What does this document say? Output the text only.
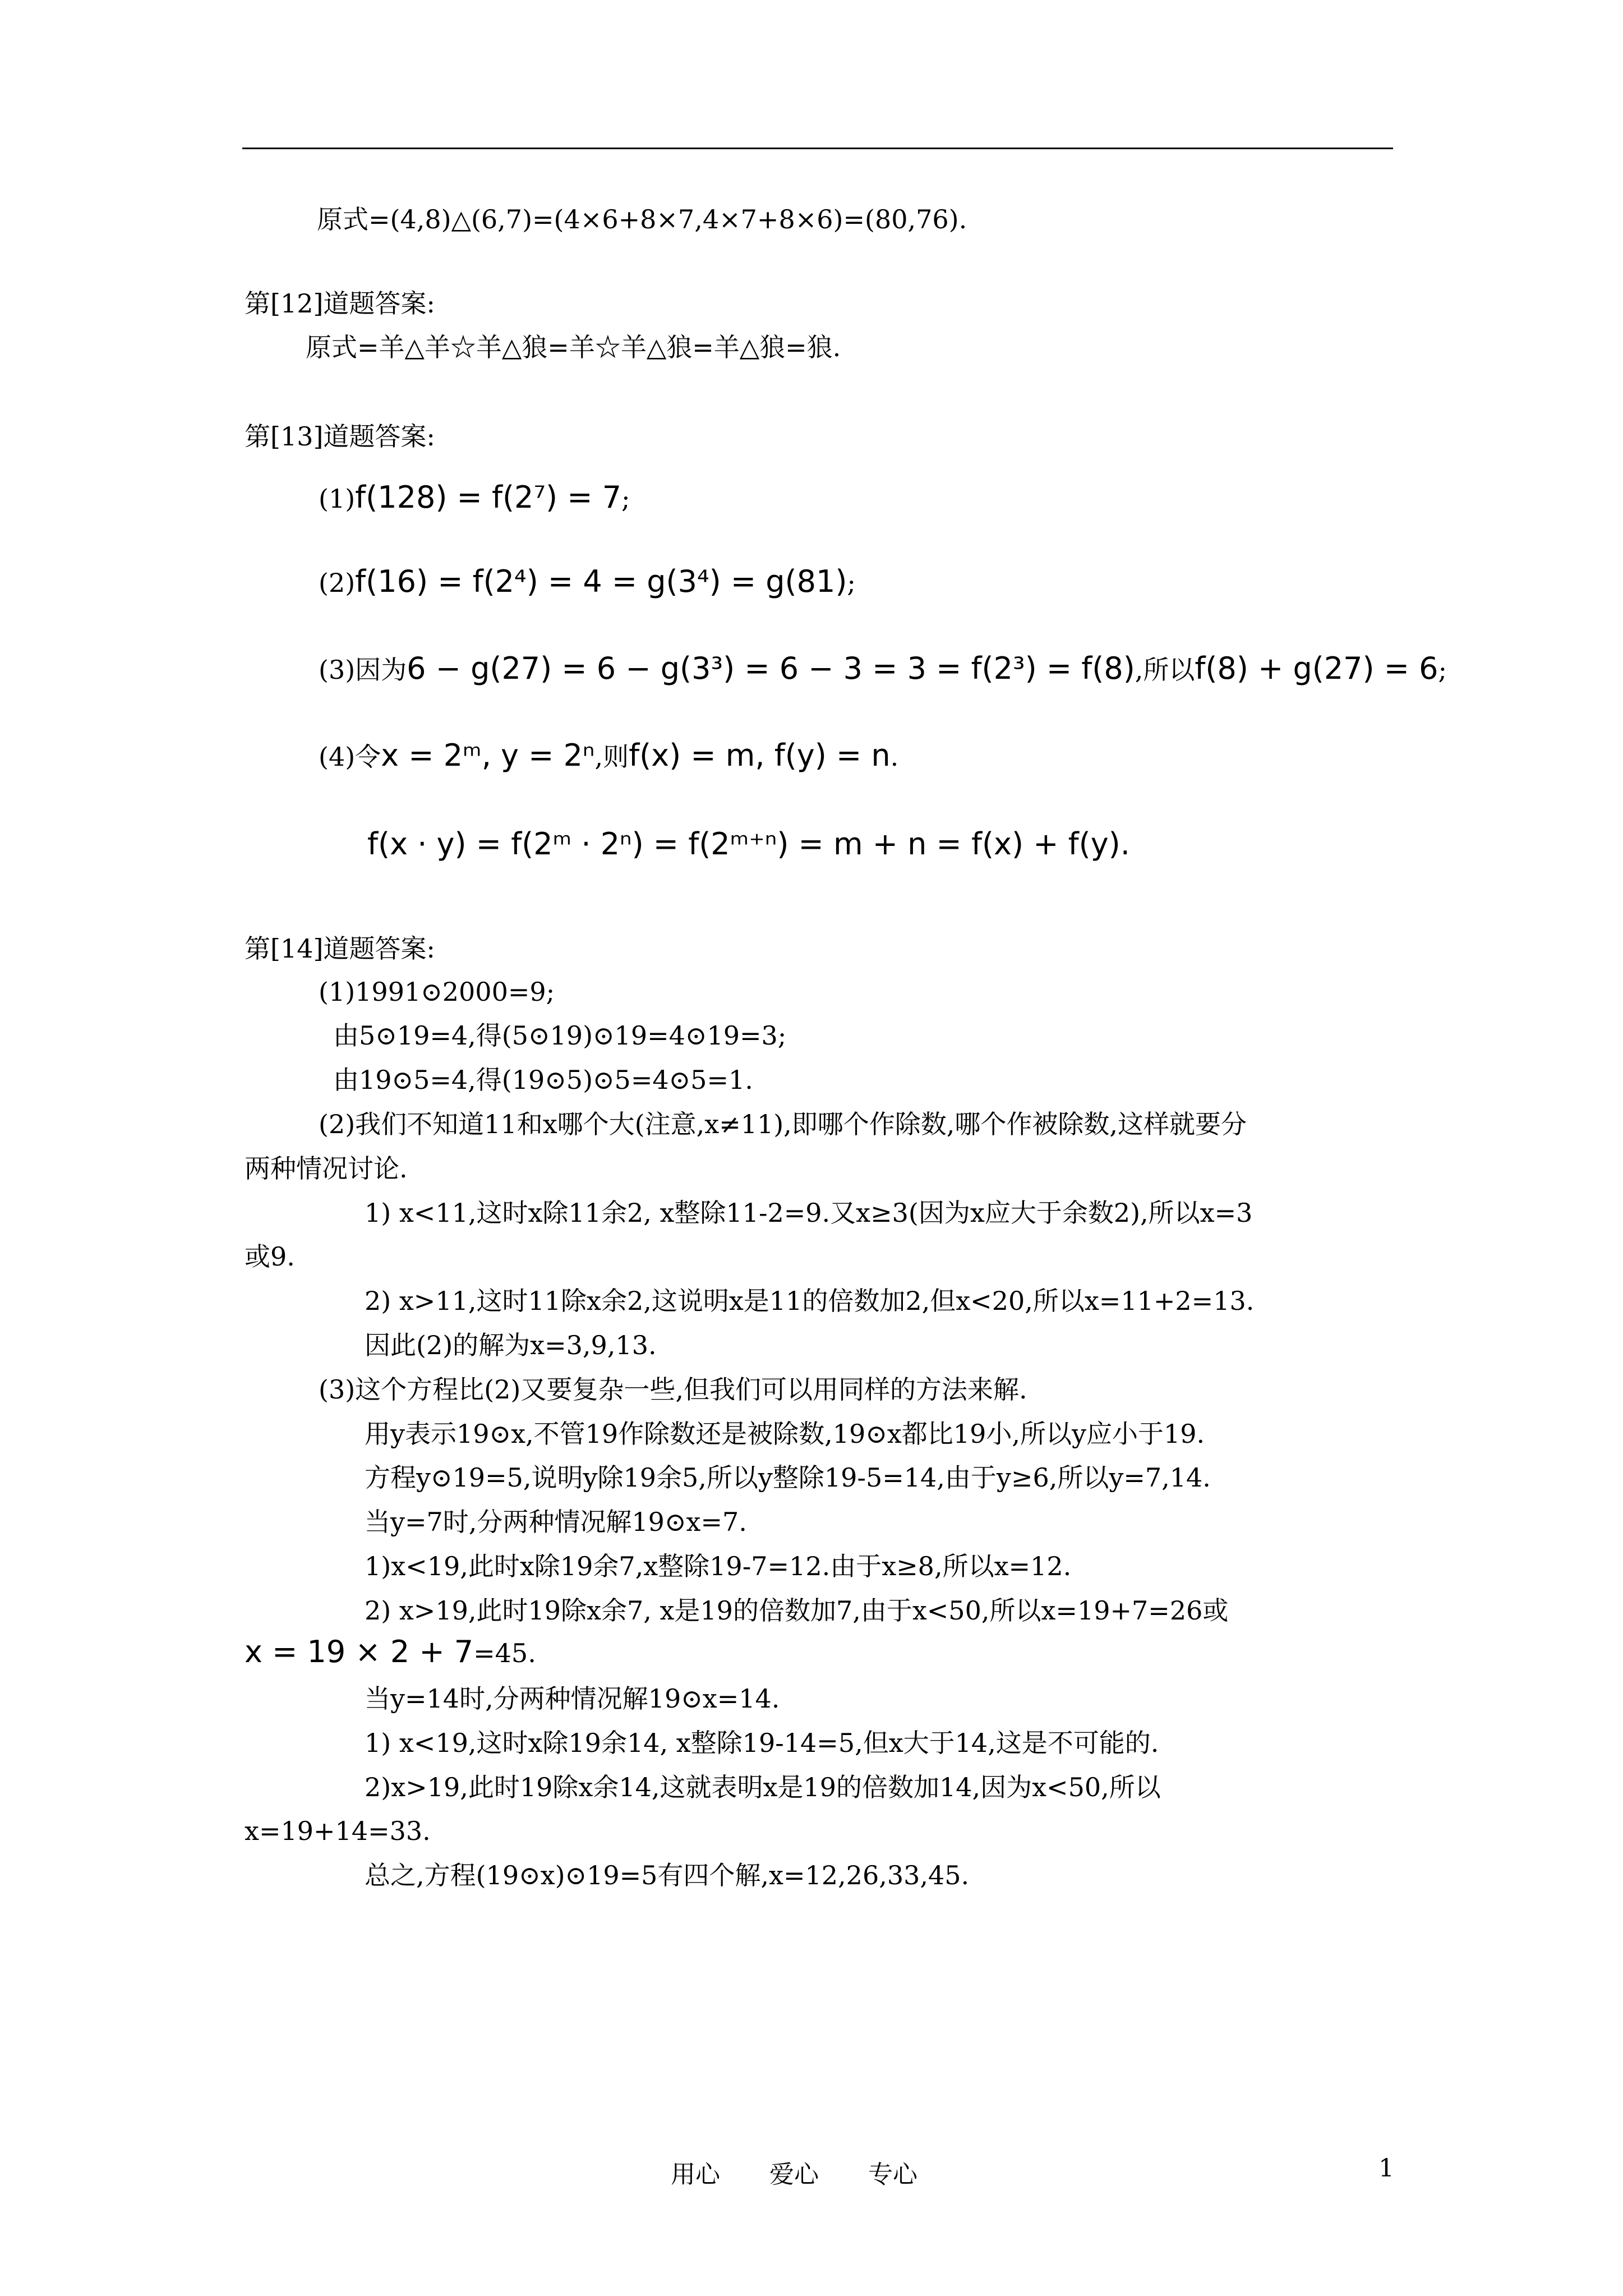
原式=(4,8)△(6,7)=(4×6+8×7,4×7+8×6)=(80,76).
第[12]道题答案:
原式=羊△羊☆羊△狼=羊☆羊△狼=羊△狼=狼.
第[13]道题答案:
(1)f(128) = f(2⁷) = 7;
(2)f(16) = f(2⁴) = 4 = g(3⁴) = g(81);
(3)因为6 − g(27) = 6 − g(3³) = 6 − 3 = 3 = f(2³) = f(8),所以f(8) + g(27) = 6;
(4)令x = 2ᵐ, y = 2ⁿ,则f(x) = m, f(y) = n.
f(x · y) = f(2ᵐ · 2ⁿ) = f(2ᵐ⁺ⁿ) = m + n = f(x) + f(y).
第[14]道题答案:
(1)1991⊙2000=9;
由5⊙19=4,得(5⊙19)⊙19=4⊙19=3;
由19⊙5=4,得(19⊙5)⊙5=4⊙5=1.
(2)我们不知道11和x哪个大(注意,x≠11),即哪个作除数,哪个作被除数,这样就要分
两种情况讨论.
1) x<11,这时x除11余2, x整除11-2=9.又x≥3(因为x应大于余数2),所以x=3
或9.
2) x>11,这时11除x余2,这说明x是11的倍数加2,但x<20,所以x=11+2=13.
因此(2)的解为x=3,9,13.
(3)这个方程比(2)又要复杂一些,但我们可以用同样的方法来解.
用y表示19⊙x,不管19作除数还是被除数,19⊙x都比19小,所以y应小于19.
方程y⊙19=5,说明y除19余5,所以y整除19-5=14,由于y≥6,所以y=7,14.
当y=7时,分两种情况解19⊙x=7.
1)x<19,此时x除19余7,x整除19-7=12.由于x≥8,所以x=12.
2) x>19,此时19除x余7, x是19的倍数加7,由于x<50,所以x=19+7=26或
x = 19 × 2 + 7=45.
当y=14时,分两种情况解19⊙x=14.
1) x<19,这时x除19余14, x整除19-14=5,但x大于14,这是不可能的.
2)x>19,此时19除x余14,这就表明x是19的倍数加14,因为x<50,所以
x=19+14=33.
总之,方程(19⊙x)⊙19=5有四个解,x=12,26,33,45.
用心　　爱心　　专心	1
